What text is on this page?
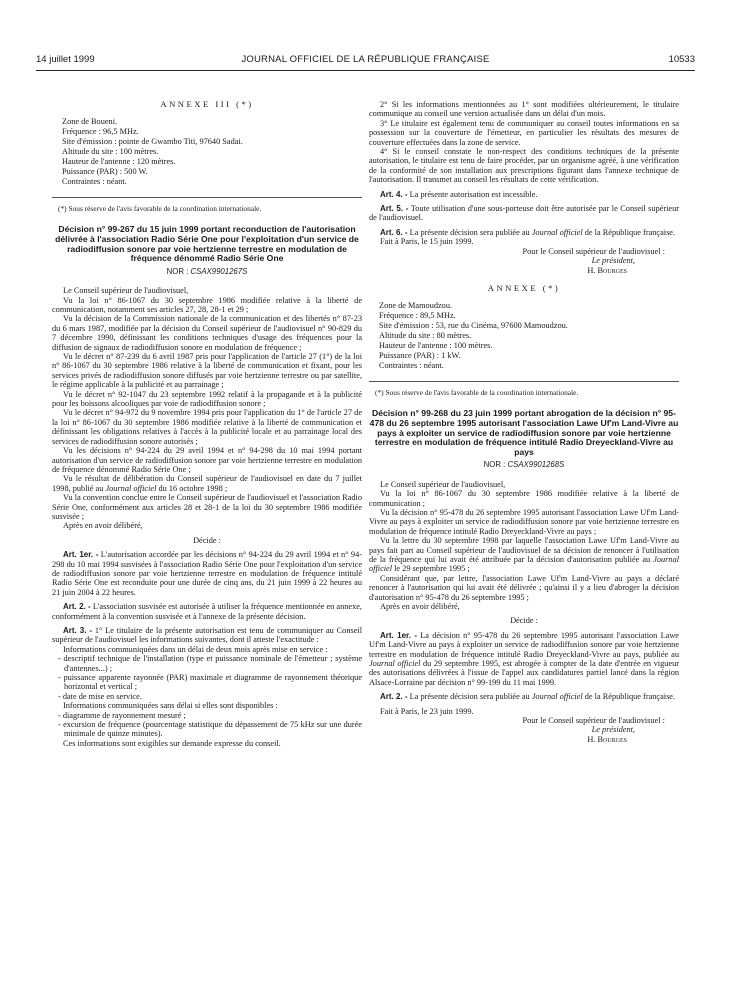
14 juillet 1999	JOURNAL OFFICIEL DE LA RÉPUBLIQUE FRANÇAISE	10533
ANNEXE III (*)

Zone de Boueni.

Fréquence : 96,5 MHz.

Site d'émission : pointe de Gwambo Titi, 97640 Sadai.

Altitude du site : 100 mètres.

Hauteur de l'antenne : 120 mètres.

Puissance (PAR) : 500 W.

Contraintes : néant.

(*) Sous réserve de l'avis favorable de la coordination internationale.

Décision n° 99-267 du 15 juin 1999 portant reconduction de l'autorisation délivrée à l'association Radio Série One pour l'exploitation d'un service de radiodiffusion sonore par voie hertzienne terrestre en modulation de fréquence dénommé Radio Série One
NOR : CSAX9901267S

Le Conseil supérieur de l'audiovisuel,

Vu la loi n° 86-1067 du 30 septembre 1986 modifiée relative à la liberté de communication, notamment ses articles 27, 28, 28-1 et 29 ;

Vu la décision de la Commission nationale de la communication et des libertés n° 87-23 du 6 mars 1987, modifiée par la décision du Conseil supérieur de l'audiovisuel n° 90-829 du 7 décembre 1990, définissant les conditions techniques d'usage des fréquences pour la diffusion de signaux de radiodiffusion sonore en modulation de fréquence ;

Vu le décret n° 87-239 du 6 avril 1987 pris pour l'application de l'article 27 (1°) de la loi n° 86-1067 du 30 septembre 1986 relative à la liberté de communication et fixant, pour les services privés de radiodiffusion sonore diffusés par voie hertzienne terrestre ou par satellite, le régime applicable à la publicité et au parrainage ;

Vu le décret n° 92-1047 du 23 septembre 1992 relatif à la propagande et à la publicité pour les boissons alcooliques par voie de radiodiffusion sonore ;

Vu le décret n° 94-972 du 9 novembre 1994 pris pour l'application du 1° de l'article 27 de la loi n° 86-1067 du 30 septembre 1986 modifiée relative à la liberté de communication et définissant les obligations relatives à l'accès à la publicité locale et au parrainage local des services de radiodiffusion sonore autorisés ;

Vu les décisions n° 94-224 du 29 avril 1994 et n° 94-298 du 10 mai 1994 portant autorisation d'un service de radiodiffusion sonore par voie hertzienne terrestre en modulation de fréquence dénommé Radio Série One ;

Vu le résultat de délibération du Conseil supérieur de l'audiovisuel en date du 7 juillet 1998, publié au Journal officiel du 16 octobre 1998 ;

Vu la convention conclue entre le Conseil supérieur de l'audiovisuel et l'association Radio Série One, conformément aux articles 28 et 28-1 de la loi du 30 septembre 1986 modifiée susvisée ;

Après en avoir délibéré,

Décide :

Art. 1er. - L'autorisation accordée par les décisions n° 94-224 du 29 avril 1994 et n° 94-298 du 10 mai 1994 susvisées à l'association Radio Série One pour l'exploitation d'un service de radiodiffusion sonore par voie hertzienne terrestre en modulation de fréquence intitulé Radio Série One est reconduite pour une durée de cinq ans, du 21 juin 1999 à 22 heures au 21 juin 2004 à 22 heures.

Art. 2. - L'association susvisée est autorisée à utiliser la fréquence mentionnée en annexe, conformément à la convention susvisée et à l'annexe de la présente décision.

Art. 3. - 1° Le titulaire de la présente autorisation est tenu de communiquer au Conseil supérieur de l'audiovisuel les informations suivantes, dont il atteste l'exactitude :

Informations communiquées dans un délai de deux mois après mise en service :

- descriptif technique de l'installation (type et puissance nominale de l'émetteur ; système d'antennes...) ;

- puissance apparente rayonnée (PAR) maximale et diagramme de rayonnement théorique horizontal et vertical ;

- date de mise en service.

Informations communiquées sans délai si elles sont disponibles :

- diagramme de rayonnement mesuré ;

- excursion de fréquence (pourcentage statistique du dépassement de 75 kHz sur une durée minimale de quinze minutes).

Ces informations sont exigibles sur demande expresse du conseil.

2° Si les informations mentionnées au 1° sont modifiées ultérieurement, le titulaire communique au conseil une version actualisée dans un délai d'un mois.

3° Le titulaire est également tenu de communiquer au conseil toutes informations en sa possession sur la couverture de l'émetteur, en particulier les résultats des mesures de couverture effectuées dans la zone de service.

4° Si le conseil constate le non-respect des conditions techniques de la présente autorisation, le titulaire est tenu de faire procéder, par un organisme agréé, à une vérification de la conformité de son installation aux prescriptions figurant dans l'annexe technique de l'autorisation. Il transmet au conseil les résultats de cette vérification.

Art. 4. - La présente autorisation est incessible.

Art. 5. - Toute utilisation d'une sous-porteuse doit être autorisée par le Conseil supérieur de l'audiovisuel.

Art. 6. - La présente décision sera publiée au Journal officiel de la République française.

Fait à Paris, le 15 juin 1999.

Pour le Conseil supérieur de l'audiovisuel :

Le président,

H. Bourges

ANNEXE (*)

Zone de Mamoudzou.

Fréquence : 89,5 MHz.

Site d'émission : 53, rue du Cinéma, 97600 Mamoudzou.

Altitude du site : 80 mètres.

Hauteur de l'antenne : 100 mètres.

Puissance (PAR) : 1 kW.

Contraintes : néant.

(*) Sous réserve de l'avis favorable de la coordination internationale.

Décision n° 99-268 du 23 juin 1999 portant abrogation de la décision n° 95-478 du 26 septembre 1995 autorisant l'association Lawe Uf'm Land-Vivre au pays à exploiter un service de radiodiffusion sonore par voie hertzienne terrestre en modulation de fréquence intitulé Radio Dreyeckland-Vivre au pays
NOR : CSAX9901268S

Le Conseil supérieur de l'audiovisuel,

Vu la loi n° 86-1067 du 30 septembre 1986 modifiée relative à la liberté de communication ;

Vu la décision n° 95-478 du 26 septembre 1995 autorisant l'association Lawe Uf'm Land-Vivre au pays à exploiter un service de radiodiffusion sonore par voie hertzienne terrestre en modulation de fréquence intitulé Radio Dreyeckland-Vivre au pays ;

Vu la lettre du 30 septembre 1998 par laquelle l'association Lawe Uf'm Land-Vivre au pays fait part au Conseil supérieur de l'audiovisuel de sa décision de renoncer à l'utilisation de la fréquence qui lui avait été attribuée par la décision d'autorisation publiée au Journal officiel le 29 septembre 1995 ;

Considérant que, par lettre, l'association Lawe Uf'm Land-Vivre au pays a déclaré renoncer à l'autorisation qui lui avait été délivrée ; qu'ainsi il y a lieu d'abroger la décision d'autorisation n° 95-478 du 26 septembre 1995 ;

Après en avoir délibéré,

Décide :

Art. 1er. - La décision n° 95-478 du 26 septembre 1995 autorisant l'association Lawe Uf'm Land-Vivre au pays à exploiter un service de radiodiffusion sonore par voie hertzienne terrestre en modulation de fréquence intitulé Radio Dreyeckland-Vivre au pays, publiée au Journal officiel du 29 septembre 1995, est abrogée à compter de la date d'entrée en vigueur des autorisations délivrées à l'issue de l'appel aux candidatures partiel lancé dans la région Alsace-Lorraine par décision n° 99-199 du 11 mai 1999.

Art. 2. - La présente décision sera publiée au Journal officiel de la République française.

Fait à Paris, le 23 juin 1999.

Pour le Conseil supérieur de l'audiovisuel :

Le président,

H. Bourges
